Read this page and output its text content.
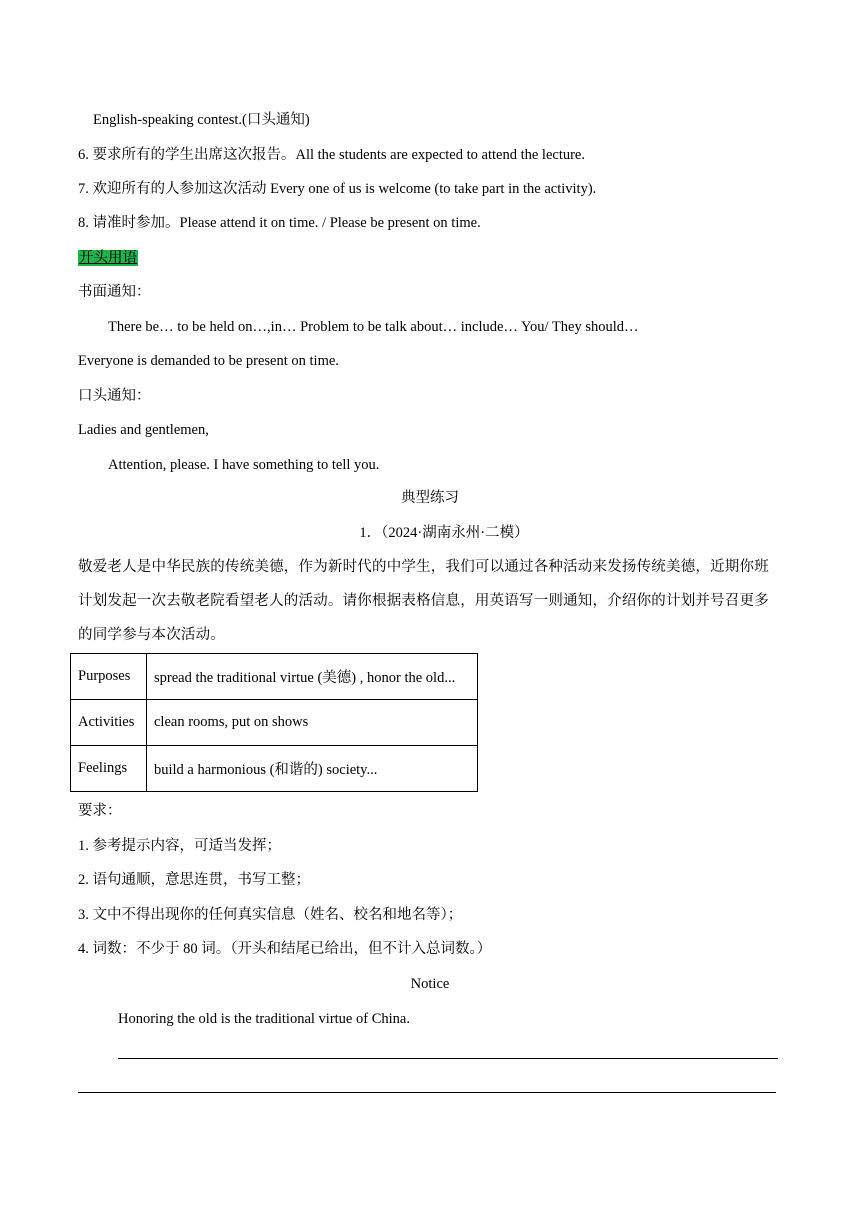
English-speaking contest.(口头通知)
6. 要求所有的学生出席这次报告。All the students are expected to attend the lecture.
7. 欢迎所有的人参加这次活动 Every one of us is welcome (to take part in the activity).
8. 请准时参加。Please attend it on time. / Please be present on time.
开头用语
书面通知：
There be… to be held on…,in… Problem to be talk about… include… You/ They should…
Everyone is demanded to be present on time.
口头通知：
Ladies and gentlemen,
Attention, please. I have something to tell you.
典型练习
1．（2024·湖南永州·二模）
敬爱老人是中华民族的传统美德，作为新时代的中学生，我们可以通过各种活动来发扬传统美德，近期你班计划发起一次去敬老院看望老人的活动。请你根据表格信息，用英语写一则通知，介绍你的计划并号召更多的同学参与本次活动。
Purposes	spread the traditional virtue (美德) , honor the old...
Activities	clean rooms, put on shows
Feelings	build a harmonious (和谐的) society...
要求：
1. 参考提示内容，可适当发挥；
2. 语句通顺，意思连贯，书写工整；
3. 文中不得出现你的任何真实信息（姓名、校名和地名等）；
4. 词数：不少于 80 词。（开头和结尾已给出，但不计入总词数。）
Notice
Honoring the old is the traditional virtue of China.
